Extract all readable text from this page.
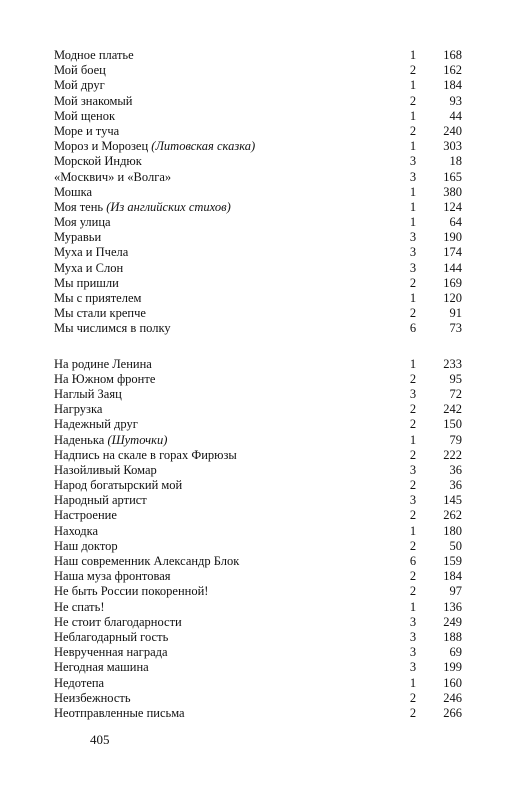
Модное платье	1	168
Мой боец	2	162
Мой друг	1	184
Мой знакомый	2	93
Мой щенок	1	44
Море и туча	2	240
Мороз и Морозец (Литовская сказка)	1	303
Морской Индюк	3	18
«Москвич» и «Волга»	3	165
Мошка	1	380
Моя тень (Из английских стихов)	1	124
Моя улица	1	64
Муравьи	3	190
Муха и Пчела	3	174
Муха и Слон	3	144
Мы пришли	2	169
Мы с приятелем	1	120
Мы стали крепче	2	91
Мы числимся в полку	6	73
На родине Ленина	1	233
На Южном фронте	2	95
Наглый Заяц	3	72
Нагрузка	2	242
Надежный друг	2	150
Наденька (Шуточки)	1	79
Надпись на скале в горах Фирюзы	2	222
Назойливый Комар	3	36
Народ богатырский мой	2	36
Народный артист	3	145
Настроение	2	262
Находка	1	180
Наш доктор	2	50
Наш современник Александр Блок	6	159
Наша муза фронтовая	2	184
Не быть России покоренной!	2	97
Не спать!	1	136
Не стоит благодарности	3	249
Неблагодарный гость	3	188
Неврученная награда	3	69
Негодная машина	3	199
Недотепа	1	160
Неизбежность	2	246
Неотправленные письма	2	266
405
